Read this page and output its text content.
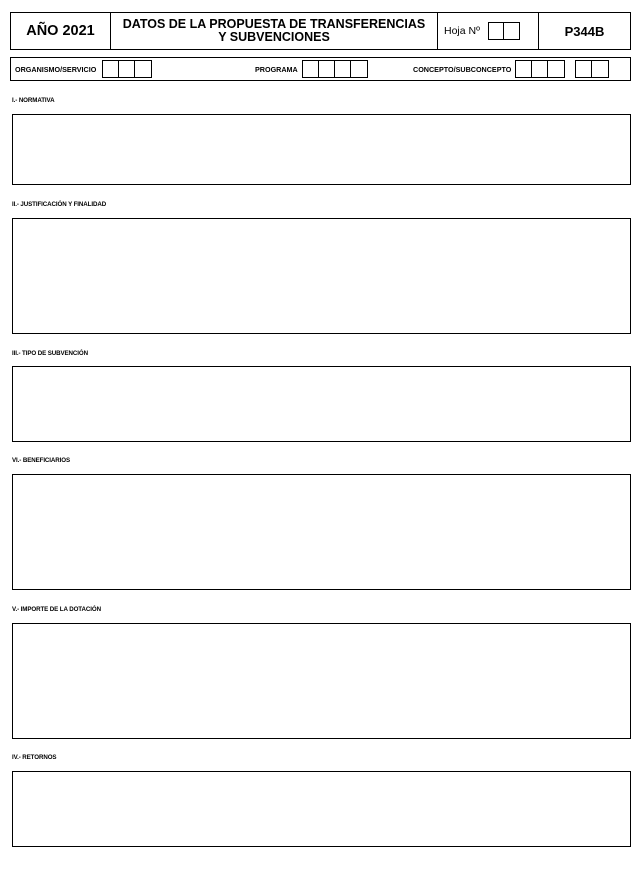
AÑO 2021	DATOS DE LA PROPUESTA DE TRANSFERENCIAS
Y SUBVENCIONES	Hoja Nº	P344B
ORGANISMO/SERVICIO	PROGRAMA	CONCEPTO/SUBCONCEPTO
I.- NORMATIVA
II.- JUSTIFICACIÓN Y FINALIDAD
III.- TIPO DE SUBVENCIÓN
VI.- BENEFICIARIOS
V.- IMPORTE DE LA DOTACIÓN
IV.- RETORNOS
